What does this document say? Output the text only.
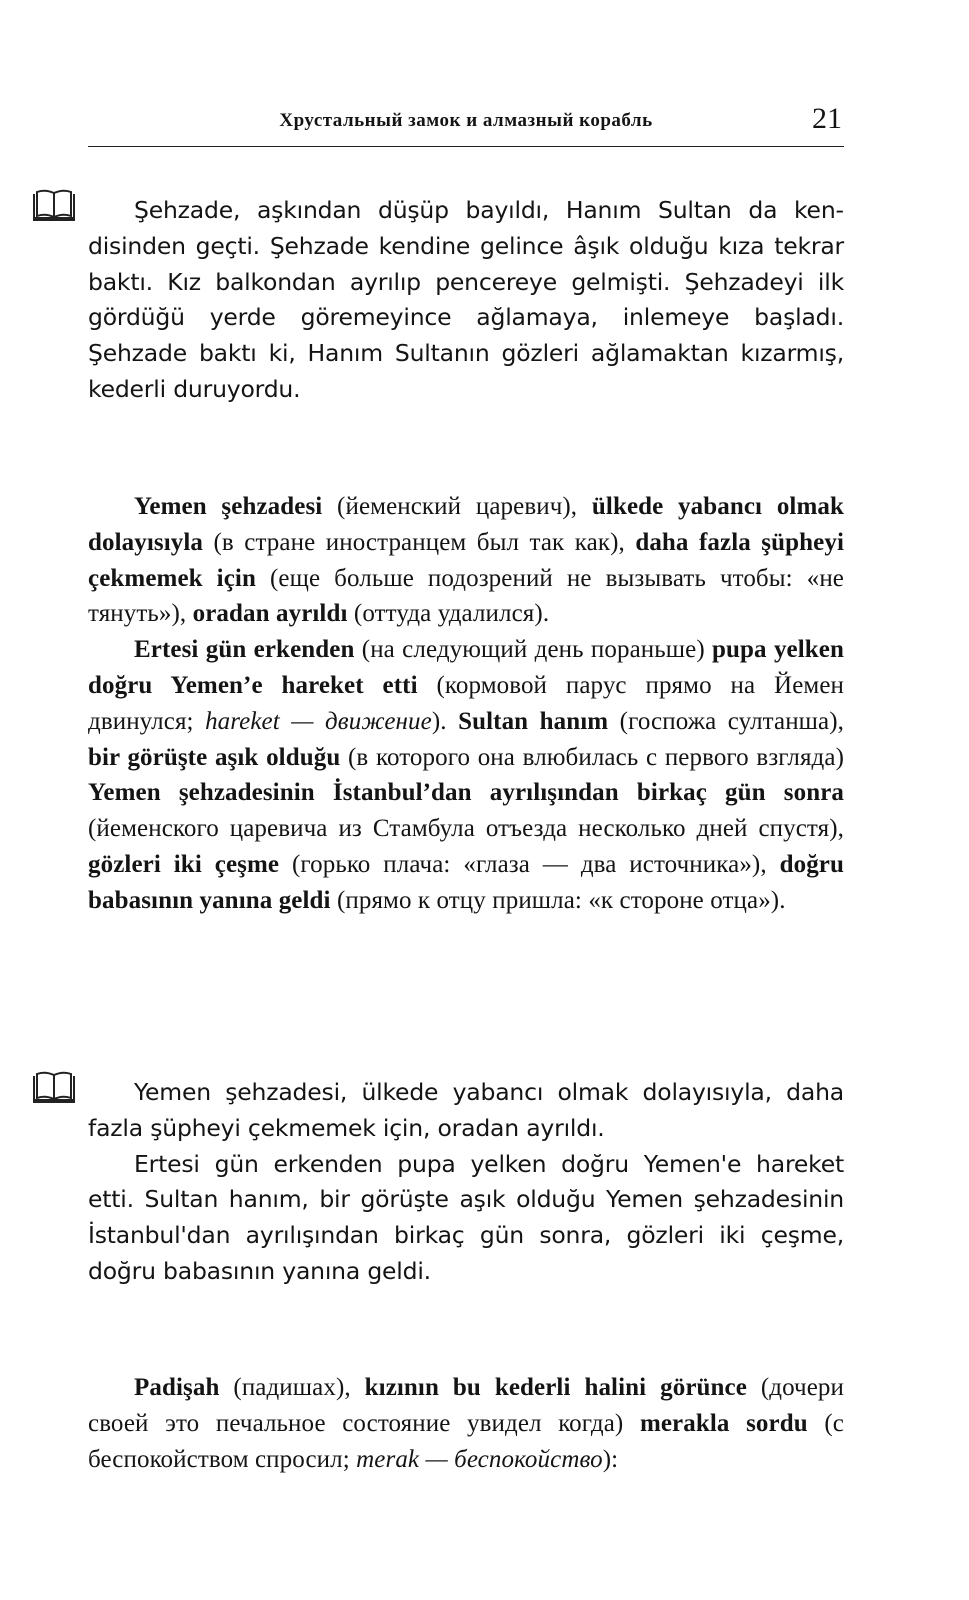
Хрустальный замок и алмазный корабль	21

Şehzade, aşkından düşüp bayıldı, Hanım Sultan da kendisinden geçti. Şehzade kendine gelince âşık olduğu kıza tekrar baktı. Kız balkondan ayrılıp pencereye gelmişti. Şehzadeyi ilk gördüğü yerde göremeyince ağlamaya, inlemeye başladı. Şehzade baktı ki, Hanım Sultanın gözleri ağlamaktan kızarmış, kederli duruyordu.

Yemen şehzadesi (йеменский царевич), ülkede yabancı olmak dolayısıyla (в стране иностранцем был так как), daha fazla şüpheyi çekmemek için (еще больше подозрений не вызывать чтобы: «не тянуть»), oradan ayrıldı (оттуда удалился).

Ertesi gün erkenden (на следующий день пораньше) pupa yelken doğru Yemen’e hareket etti (кормовой парус прямо на Йемен двинулся; hareket — движение). Sultan hanım (госпожа султанша), bir görüşte aşık olduğu (в которого она влюбилась с первого взгляда) Yemen şehzadesinin İstanbul’dan ayrılışından birkaç gün sonra (йеменского царевича из Стамбула отъезда несколько дней спустя), gözleri iki çeşme (горько плача: «глаза — два источника»), doğru babasının yanına geldi (прямо к отцу пришла: «к стороне отца»).

Yemen şehzadesi, ülkede yabancı olmak dolayısıyla, daha fazla şüpheyi çekmemek için, oradan ayrıldı.

Ertesi gün erkenden pupa yelken doğru Yemen'e hareket etti. Sultan hanım, bir görüşte aşık olduğu Yemen şehzadesinin İstanbul'dan ayrılışından birkaç gün sonra, gözleri iki çeşme, doğru babasının yanına geldi.

Padişah (падишах), kızının bu kederli halini görünce (дочери своей это печальное состояние увидел когда) merakla sordu (с беспокойством спросил; merak — беспокойство):
